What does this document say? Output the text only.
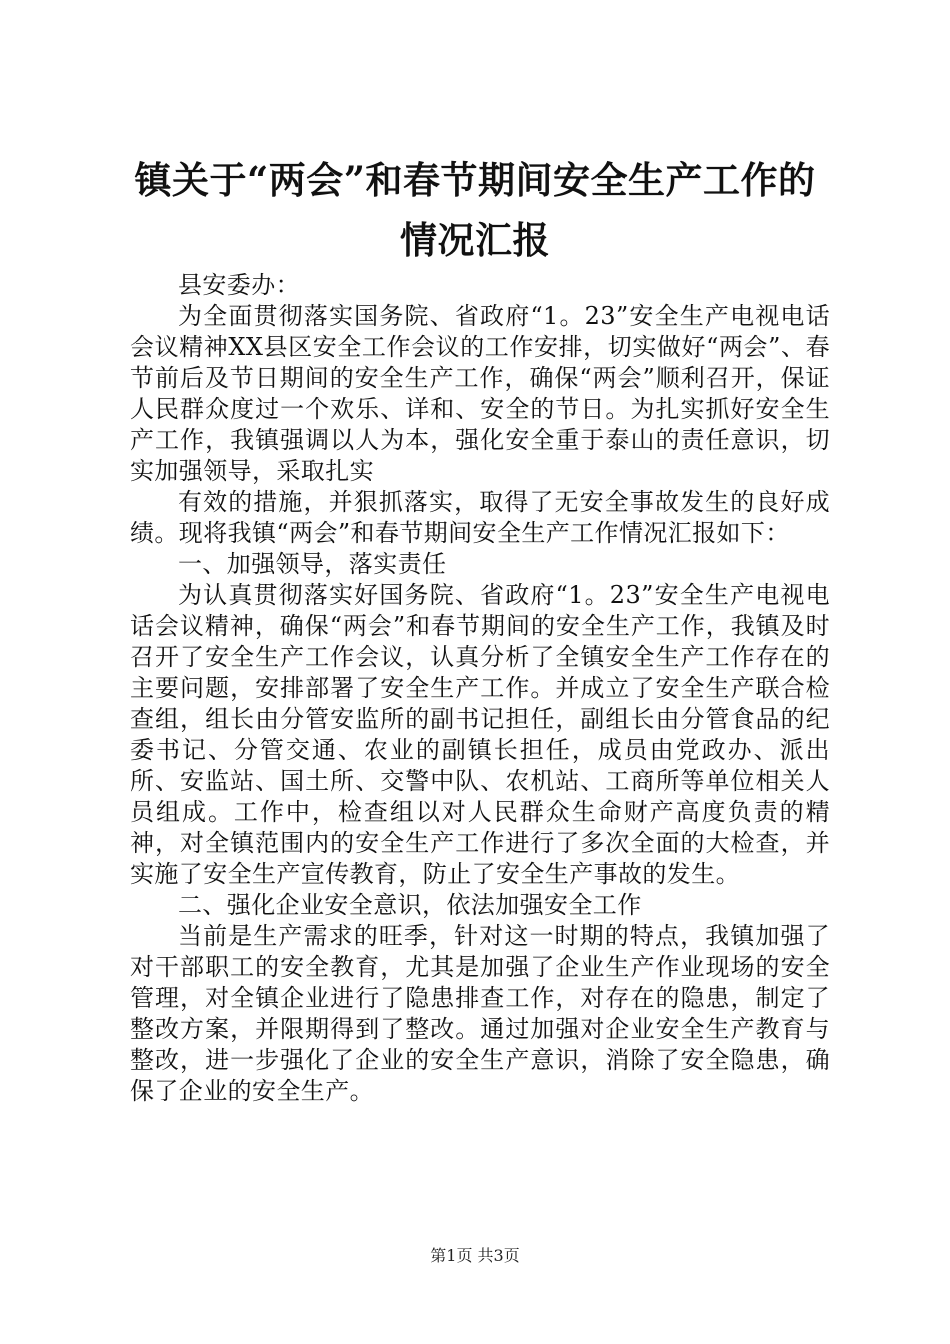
镇关于“两会”和春节期间安全生产工作的情况汇报

县安委办：

为全面贯彻落实国务院、省政府“1。23”安全生产电视电话会议精神XX县区安全工作会议的工作安排，切实做好“两会”、春节前后及节日期间的安全生产工作，确保“两会”顺利召开，保证人民群众度过一个欢乐、详和、安全的节日。为扎实抓好安全生产工作，我镇强调以人为本，强化安全重于泰山的责任意识，切实加强领导，采取扎实

有效的措施，并狠抓落实，取得了无安全事故发生的良好成绩。现将我镇“两会”和春节期间安全生产工作情况汇报如下：

一、加强领导，落实责任

为认真贯彻落实好国务院、省政府“1。23”安全生产电视电话会议精神，确保“两会”和春节期间的安全生产工作，我镇及时召开了安全生产工作会议，认真分析了全镇安全生产工作存在的主要问题，安排部署了安全生产工作。并成立了安全生产联合检查组，组长由分管安监所的副书记担任，副组长由分管食品的纪委书记、分管交通、农业的副镇长担任，成员由党政办、派出所、安监站、国土所、交警中队、农机站、工商所等单位相关人员组成。工作中，检查组以对人民群众生命财产高度负责的精神，对全镇范围内的安全生产工作进行了多次全面的大检查，并实施了安全生产宣传教育，防止了安全生产事故的发生。

二、强化企业安全意识，依法加强安全工作

当前是生产需求的旺季，针对这一时期的特点，我镇加强了对干部职工的安全教育，尤其是加强了企业生产作业现场的安全管理，对全镇企业进行了隐患排查工作，对存在的隐患，制定了整改方案，并限期得到了整改。通过加强对企业安全生产教育与整改，进一步强化了企业的安全生产意识，消除了安全隐患，确保了企业的安全生产。

第1页 共3页
